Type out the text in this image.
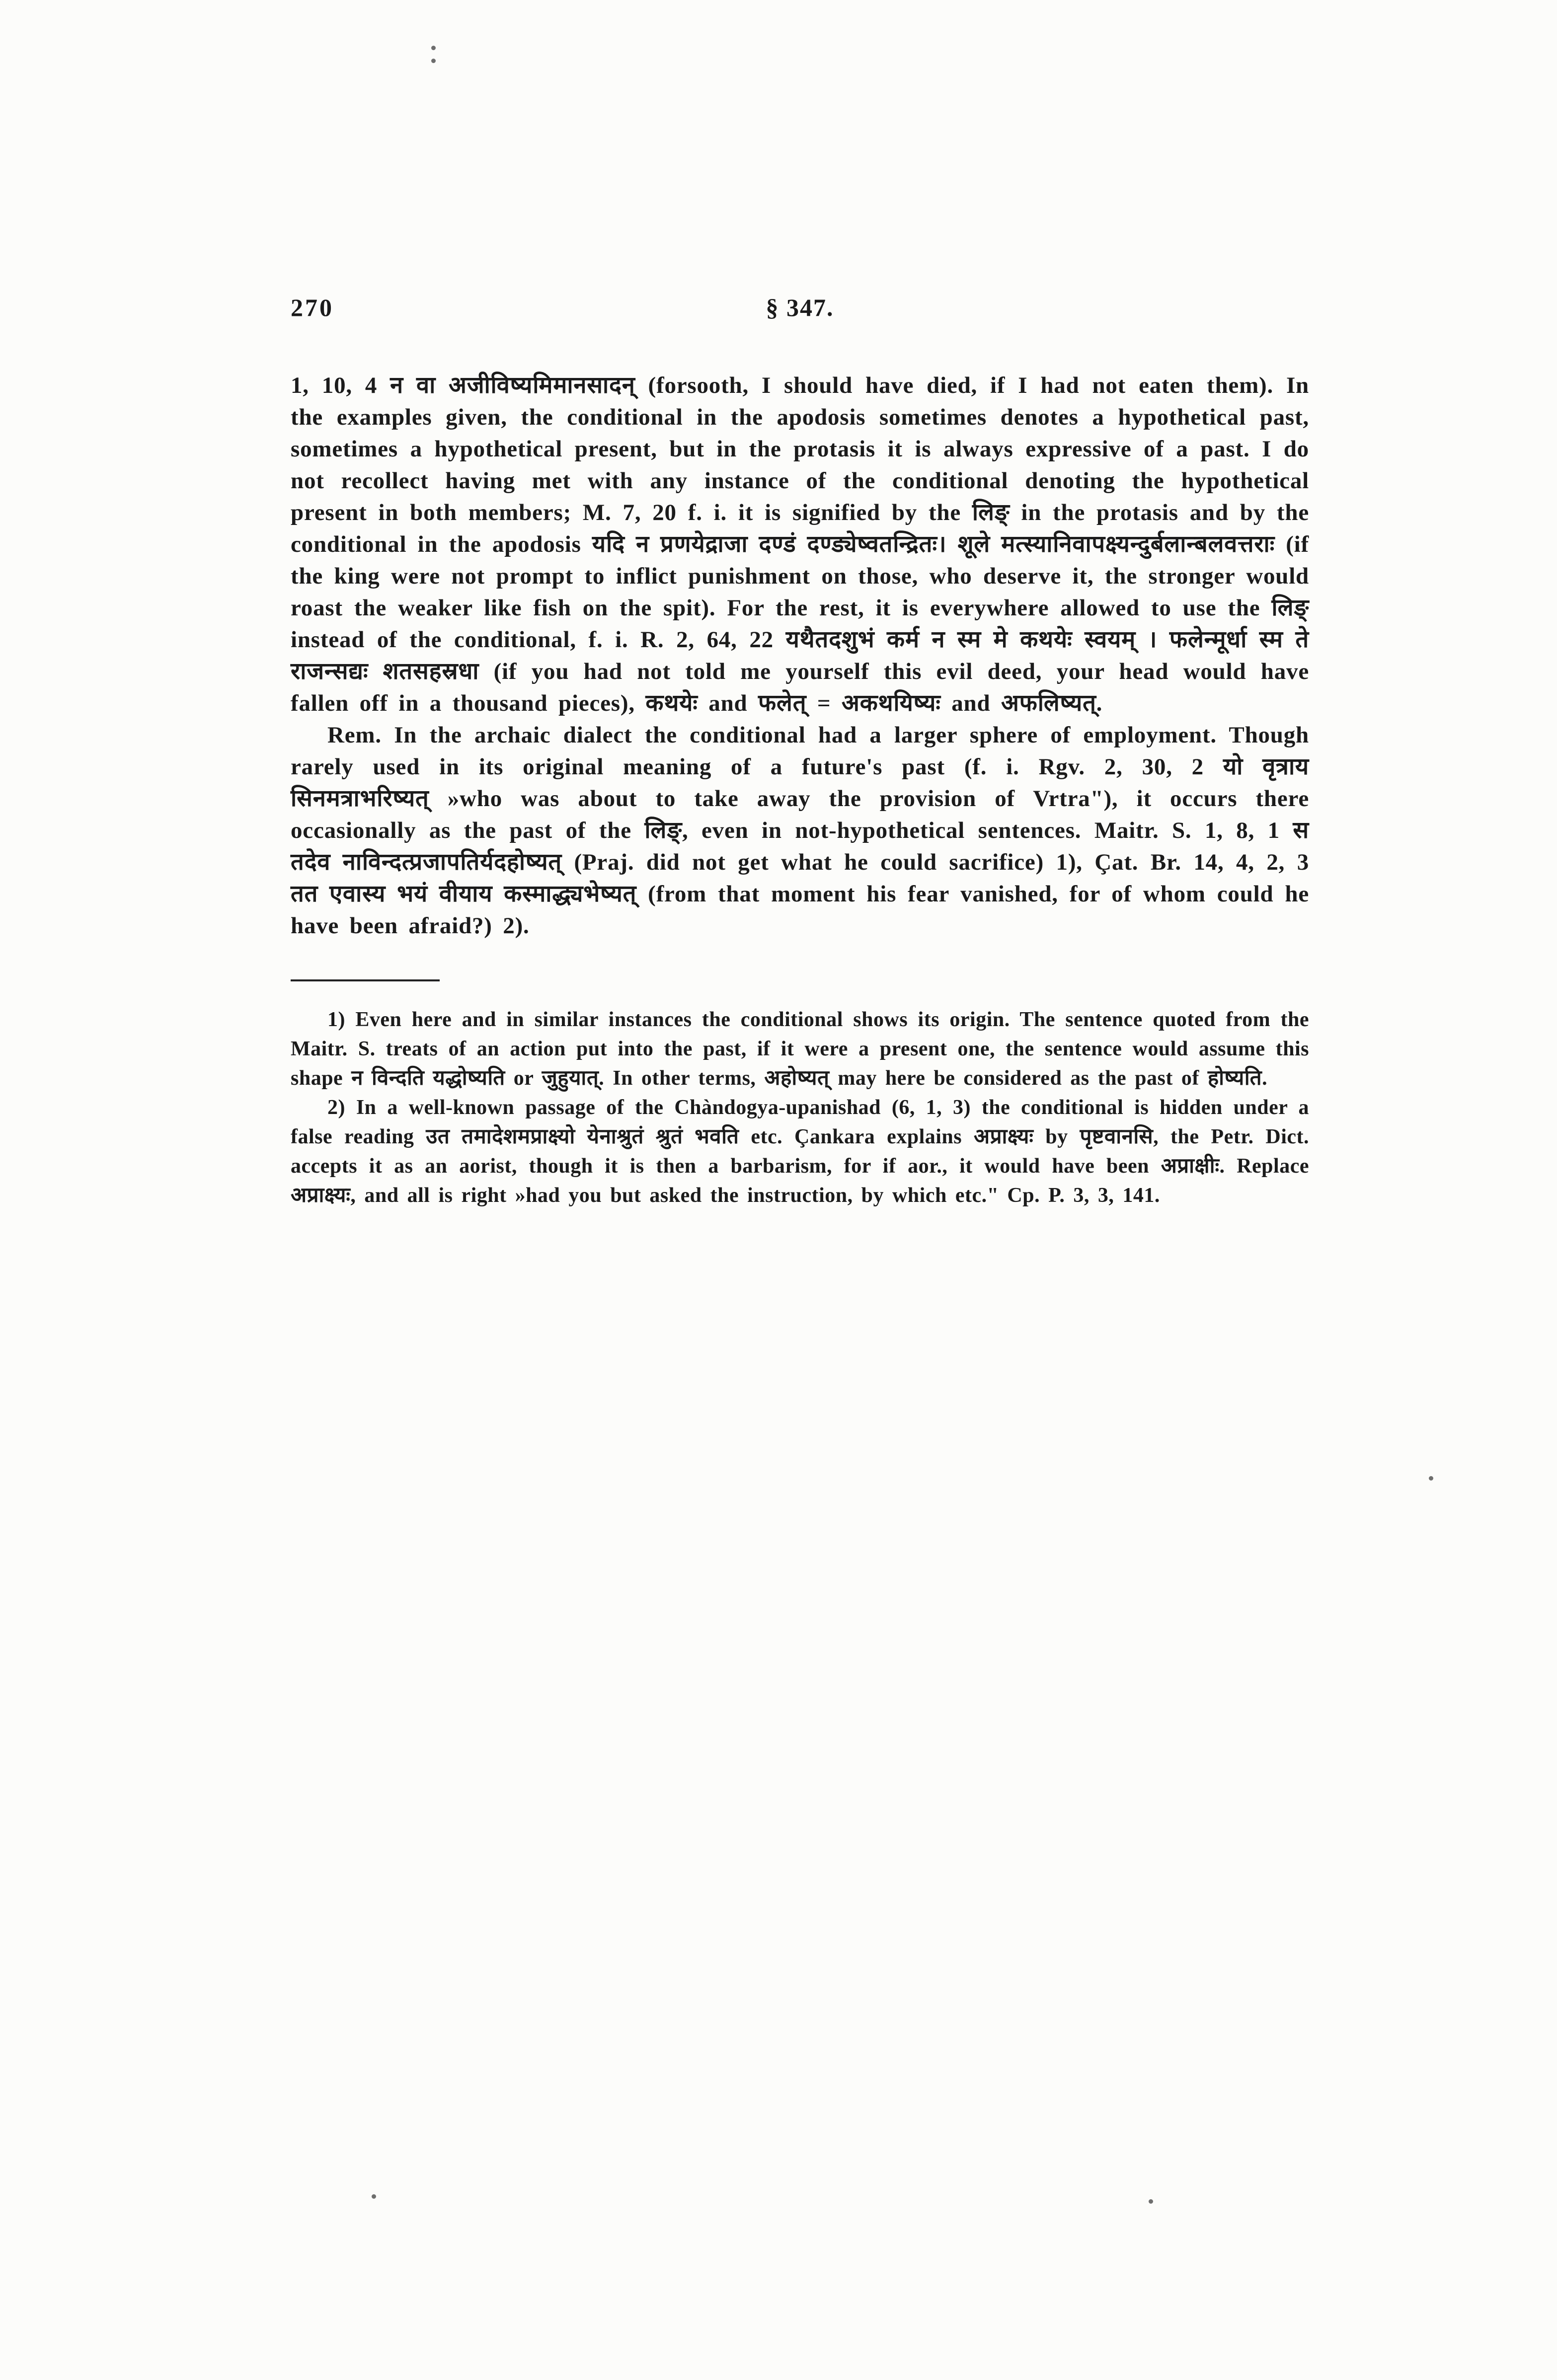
270	§ 347.

1, 10, 4 न वा अजीविष्यमिमानसादन् (forsooth, I should have died, if I had not eaten them). In the examples given, the conditional in the apodosis sometimes denotes a hypothetical past, sometimes a hypothetical present, but in the protasis it is always expressive of a past. I do not recollect having met with any instance of the conditional denoting the hypothetical present in both members; M. 7, 20 f. i. it is signified by the लिङ् in the protasis and by the conditional in the apodosis यदि न प्रणयेद्राजा दण्डं दण्ड्येष्वतन्द्रितः। शूले मत्स्यानिवापक्ष्यन्दुर्बलान्बलवत्तराः (if the king were not prompt to inflict punishment on those, who deserve it, the stronger would roast the weaker like fish on the spit). For the rest, it is everywhere allowed to use the लिङ् instead of the conditional, f. i. R. 2, 64, 22 यथैतदशुभं कर्म न स्म मे कथयेः स्वयम् । फलेन्मूर्धा स्म ते राजन्सद्यः शतसहस्रधा (if you had not told me yourself this evil deed, your head would have fallen off in a thousand pieces), कथयेः and फलेत् = अकथयिष्यः and अफलिष्यत्.

Rem. In the archaic dialect the conditional had a larger sphere of employment. Though rarely used in its original meaning of a future's past (f. i. Rgv. 2, 30, 2 यो वृत्राय सिनमत्राभरिष्यत् »who was about to take away the provision of Vrtra"), it occurs there occasionally as the past of the लिङ्, even in not-hypothetical sentences. Maitr. S. 1, 8, 1 स तदेव नाविन्दत्प्रजापतिर्यदहोष्यत् (Praj. did not get what he could sacrifice) 1), Çat. Br. 14, 4, 2, 3 तत एवास्य भयं वीयाय कस्माद्ध्यभेष्यत् (from that moment his fear vanished, for of whom could he have been afraid?) 2).

1) Even here and in similar instances the conditional shows its origin. The sentence quoted from the Maitr. S. treats of an action put into the past, if it were a present one, the sentence would assume this shape न विन्दति यद्धोष्यति or जुहुयात्. In other terms, अहोष्यत् may here be considered as the past of होष्यति.

2) In a well-known passage of the Chàndogya-upanishad (6, 1, 3) the conditional is hidden under a false reading उत तमादेशमप्राक्ष्यो येनाश्रुतं श्रुतं भवति etc. Çankara explains अप्राक्ष्यः by पृष्टवानसि, the Petr. Dict. accepts it as an aorist, though it is then a barbarism, for if aor., it would have been अप्राक्षीः. Replace अप्राक्ष्यः, and all is right »had you but asked the instruction, by which etc." Cp. P. 3, 3, 141.
